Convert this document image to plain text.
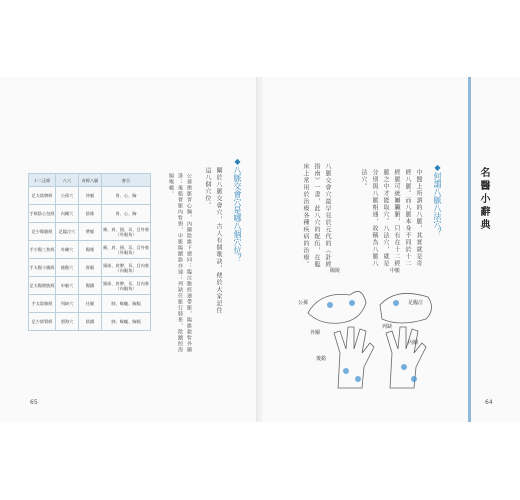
65
十二正經	八穴	奇經八脈	會合
足太陰脾經	公孫穴	沖脈	胃、心、胸
手厥陰心包經	內關穴	陰維	胃、心、胸
足少陽膽經	足臨泣穴	帶脈	頰、肩、頸、耳、目外眥（外眼角）
手少陽三焦經	外關穴	陽維	頰、肩、頸、耳、目外眥（外眼角）
手太陽小腸經	後谿穴	督脈	頸部、肩胛、耳、目內眥（內眼角）
足太陽膀胱經	申脈穴	陽蹻	頸部、肩胛、耳、目內眥（內眼角）
手太陰肺經	列缺穴	任脈	肺、喉嚨、胸膈
足少陰腎經	照海穴	陰蹻	肺、喉嚨、胸膈
◆八脈交會穴是哪八個穴位？
關於八脈交會穴，古人有個歌訣，便於大家記住這八個穴位。
公孫衝脈胃心胸，內關陰維下總同；臨泣膽經連帶脈，陽維銳眥外關逢；後谿督脈內眥頸，申脈陽蹻絡亦通；列缺任脈行肺系，陰蹻照海膈喉嚨。
64
名醫小辭典
◆何謂八脈八法穴？
中醫上所謂的八脈，其實就是奇經八脈。而八脈本身不同於十二經脈可統屬臟腑，只有在十二經脈之中才能取穴。八法穴，就是分別與八脈相通，故稱為八脈八法穴。
八脈交會穴最早見於元代的《針經指南》一書，此八穴的配伍，在臨床上常用於治療各種疾病的治療。
陽陵	中脈
公孫	足臨泣
外關
列缺
後谿
內關
